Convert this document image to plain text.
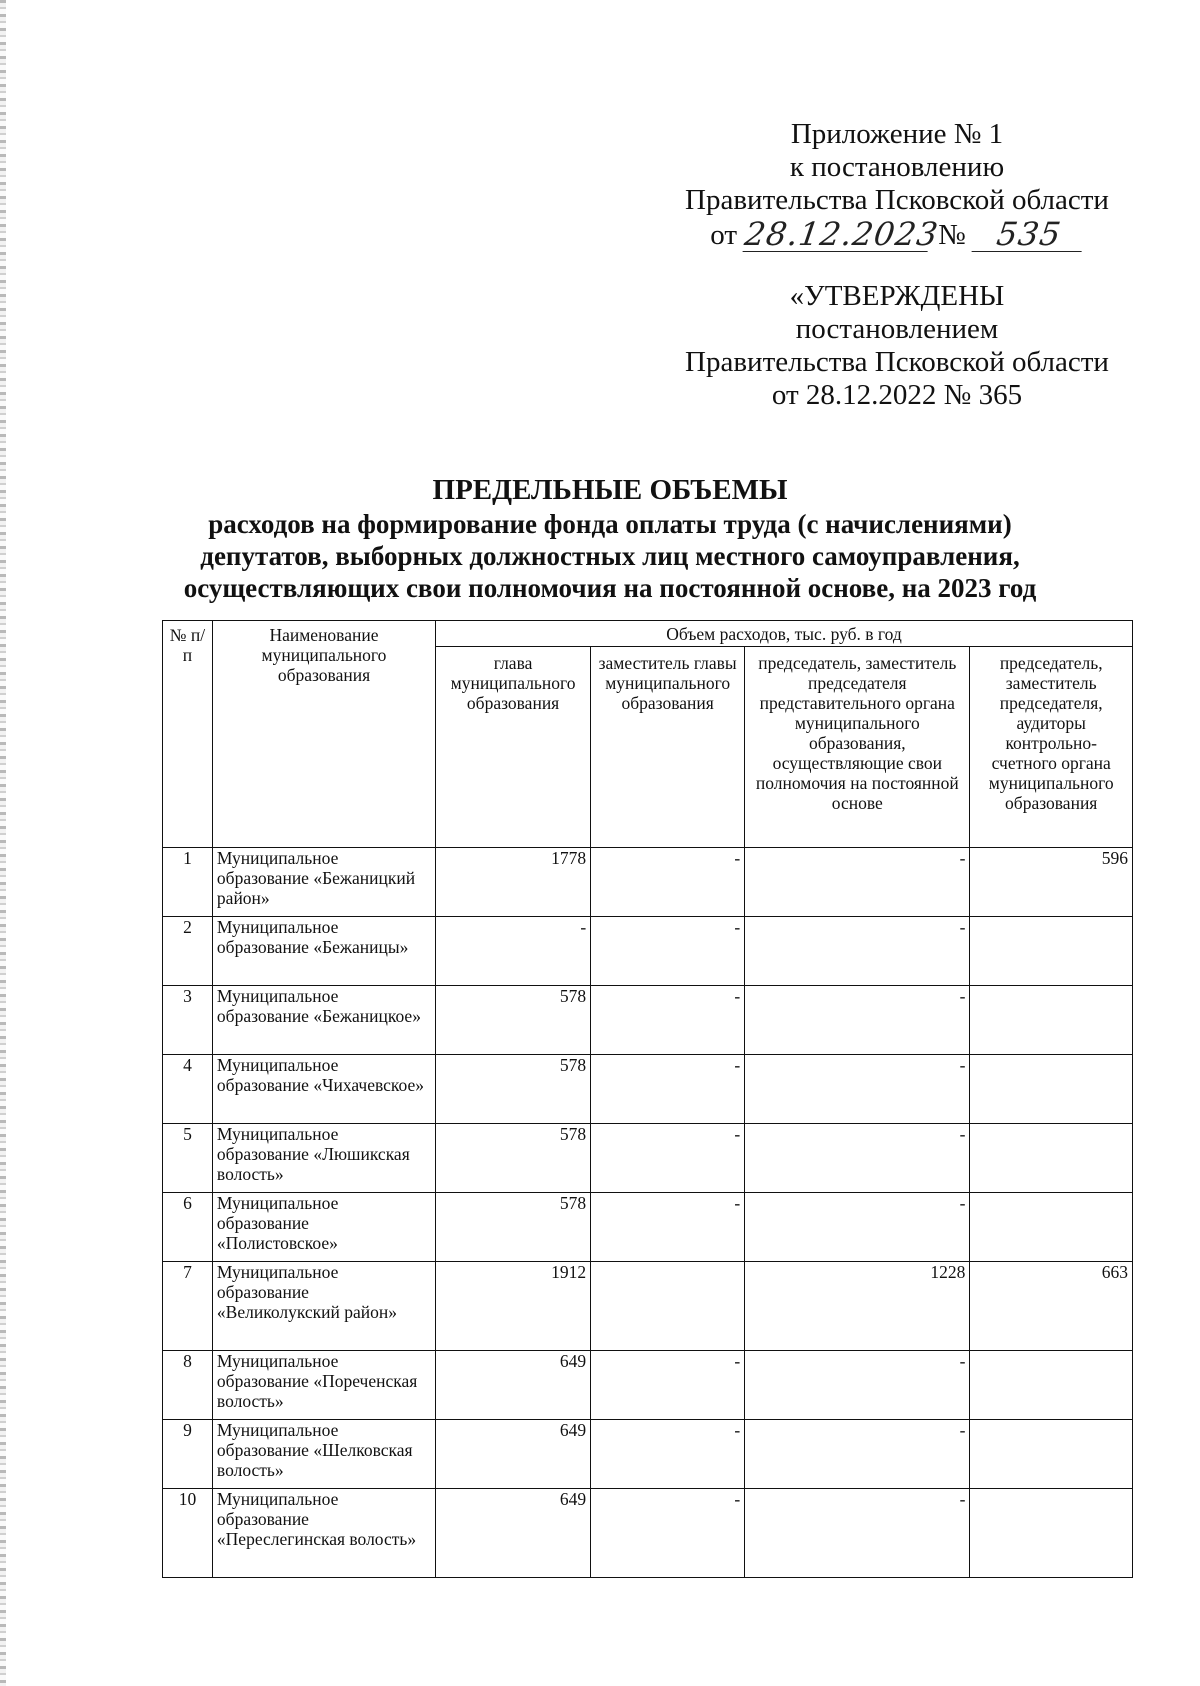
Приложение № 1
к постановлению
Правительства Псковской области
от 28.12.2023
№ 535
«УТВЕРЖДЕНЫ
постановлением
Правительства Псковской области
от 28.12.2022 № 365
ПРЕДЕЛЬНЫЕ ОБЪЕМЫ
расходов на формирование фонда оплаты труда (с начислениями)
депутатов, выборных должностных лиц местного самоуправления,
осуществляющих свои полномочия на постоянной основе, на 2023 год
№ п/п	Наименование муниципального образования	Объем расходов, тыс. руб. в год			
		глава муниципального образования	заместитель главы муниципального образования	председатель, заместитель председателя представительного органа муниципального образования, осуществляющие свои полномочия на постоянной основе	председатель, заместитель председателя, аудиторы контрольно-счетного органа муниципального образования
1	Муниципальное образование «Бежаницкий район»	1778	-	-	596
2	Муниципальное образование «Бежаницы»	-	-	-	
3	Муниципальное образование «Бежаницкое»	578	-	-	
4	Муниципальное образование «Чихачевское»	578	-	-	
5	Муниципальное образование «Люшикская волость»	578	-	-	
6	Муниципальное образование «Полистовское»	578	-	-	
7	Муниципальное образование «Великолукский район»	1912		1228	663
8	Муниципальное образование «Пореченская волость»	649	-	-	
9	Муниципальное образование «Шелковская волость»	649	-	-	
10	Муниципальное образование «Переслегинская волость»	649	-	-	
